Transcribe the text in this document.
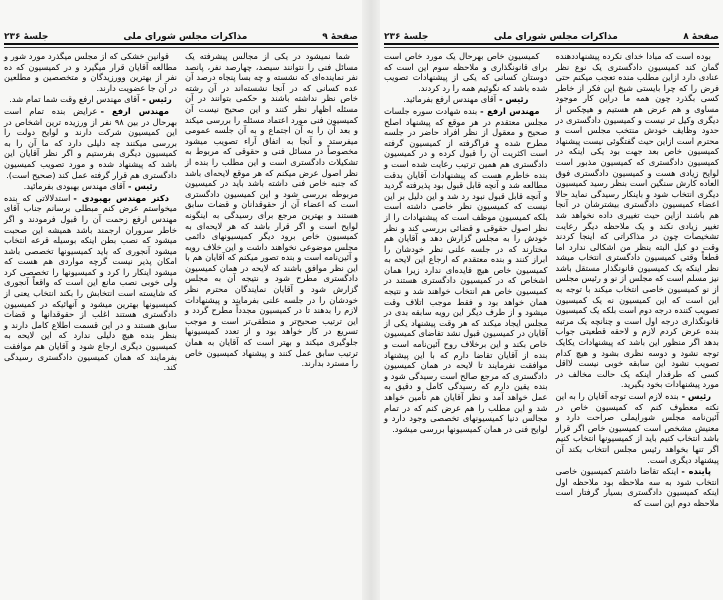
صفحهٔ ۹
مذاکرات مجلس شورای ملی
جلسهٔ ۲۳۶

شما نمیشود در یکی از مجالس پیشرفته یک مسائل فنی را نتوانند سیصد، چهارصد نفر، پانصد نفر نماینده‌ای که نشسته و چه بسا پنجاه درصد آن عده کسانی که در آنجا نشسته‌اند در آن رشته خاص نظر نداشته باشند و حکمی بتوانند در آن مسئله اظهار نظر کنند و این صحیح نیست آن کمیسیون فنی مورد اعتماد مسئله را بررسی میکند و بعد آن را به آن اجتماع و به آن جلسه عمومی میفرستد و آنجا به اتفاق آراء تصویب میشود مخصوصاً در مسائل فنی و حقوقی که مربوط به تشکیلات دادگستری است و این مطلب را بنده از نظر اصول عرض میکنم که هر موقع لایحه‌ای باشد که جنبه خاص فنی داشته باشد باید در کمیسیون مربوطه بررسی شود و این کمیسیون دادگستری است که اعضاء آن از حقوقدانان و قضات سابق هستند و بهترین مرجع برای رسیدگی به اینگونه لوایح است و اگر قرار باشد که هر لایحه‌ای به کمیسیون خاص برود دیگر کمیسیونهای دائمی مجلس موضوعی نخواهند داشت و این خلاف رویه و آئین‌نامه است و بنده تصور میکنم که آقایان هم با این نظر موافق باشند که لایحه در همان کمیسیون دادگستری مطرح شود و نتیجه آن به مجلس گزارش شود و آقایان نمایندگان محترم نظر خودشان را در جلسه علنی بفرمایند و پیشنهادات لازم را بدهند تا در کمیسیون مجدداً مطرح گردد و این ترتیب صحیح‌تر و منطقی‌تر است و موجب تسریع در کار خواهد بود و از تعدد کمیسیونها جلوگیری میکند و بهتر است که آقایان به همان ترتیب سابق عمل کنند و پیشنهاد کمیسیون خاص را مسترد بدارند.

قوانین خشکی که از مجلس میگذرد مورد شور و مطالعه آقایان قرار میگیرد و در کمیسیون که ده نفر از بهترین وورزیدگان و متخصصین و مطلعین در آن جا عضویت دارند.

رئیس -آقای مهندس ارفع وقت شما تمام شد.

مهندس ارفع -عرایض بنده تمام است بهرحال در بین ۹۸ نفر از ورزیده ترین اشخاص در این کمیسیون شرکت دارند و لوایح دولت را بررسی میکنند چه دلیلی دارد که ما آن را به کمیسیون دیگری بفرستیم و اگر نظر آقایان این باشد که پیشنهاد شده و مورد تصویب کمیسیون دادگستری هم قرار گرفته عمل کند (صحیح است).

رئیس -آقای مهندس بهبودی بفرمائید.

دکتر مهندس بهبودی -استدلالاتی که بنده میخواستم عرض کنم مبطلی برسانم جناب آقای مهندس ارفع زحمت آن را قبول فرمودند و اگر خاطر سروران ارجمند باشد همیشه این صحبت میشود که نصب بطن اینکه بوسیله قرعه انتخاب میشود آنجوری که باید کمیسیونها تخصصی باشد امکان پذیر نیست گرچه مواردی هم هست که میشود اینکار را کرد و کمیسیونها را تخصصی کرد ولی خوبی نصب مانع این است که واقعاً آنجوری که شایسته است انتخابش را بکند انتخاب یعنی از کمیسیونها بهترین میشود و آنهائیکه در کمیسیون دادگستری هستند اغلب از حقوقدانها و قضات سابق هستند و در این قسمت اطلاع کامل دارند و بنظر بنده هیچ دلیلی ندارد که این لایحه به کمیسیون دیگری ارجاع شود و آقایان هم موافقت بفرمایند که همان کمیسیون دادگستری رسیدگی کند.

صفحهٔ ۸
مذاکرات مجلس شورای ملی
جلسهٔ ۲۳۶

بوده است که مبادا خدای نکرده پیشنهاددهنده گمان کند کمیسیون دادگستری یک نوع نظر عنادی دارد ازاین مطلب منده تعجب میکنم حتی فرض را که چرا بایستی شیخ این فکر از خاطر کسی بگذرد چون همه ما دراین کار موجود مساوی و هم عرض هم هستیم و هیچکس از دیگری وکیل تر نیست و کمیسیون دادگستری در حدود وظایف خودش منتخب مجلس است و محترم است ازاین حیث گفتگوئی نیست پیشنهاد کمیسیون خاص بعد جهت بود یکی اینکه در کمیسیون دادگستری که کمیسیون مذبور است لوایح زیادی هست و کمیسیون دادگستری فوق العاده کارش سنگین است بنظر رسید کمیسیون دیگری انتخاب شود و باینکار رسیدگی نماید حالا اعضاء کمیسیون دادگستری بیشترشان در آنجا هم باشند ازاین حیث تغییری داده نخواهد شد تغییر زیادی نکند و یک ملاحظه دیگر رعایت تشخیصات چون در مذاکراتی که اینجا کردند وقت دو کیل البته بنظر من اشکالی ندارد اما قطعاً وقتی کمیسیون دادگستری انتخاب میشد نظر اینکه یک کمیسیون قانونگذار مستقل باشد نیز مسلم است که مجلس از نو و رئیس مجلس از نو کمیسیون خاصی انتخاب میکند با توجه به این است که این کمیسیون نه یک کمیسیون تصویب کننده درجه دوم است بلکه یک کمیسیون قانونگذاری درجه اول است و چنانچه یک مرتبه بنده عرض کردم لازم و لاحقه قطعیتی جواب بدهد اگر منظور این باشد که پیشنهادات یکایک توجه نشود و دوسه نظری بشود و هیچ کدام تصویب نشود این سابقه خوبی نیست لااقل کسی که طرفدار اینکه یک حالت مخالف در مورد پیشنهادات بخود بگیرید.

رئیس -بنده لازم است توجه آقایان را به این نکته معطوف کنم که کمیسیون خاص در آئین‌نامه مجلس شورایملی صراحت دارد و معنیش مشخص است کمیسیون خاص اگر قرار باشد انتخاب کنیم باید از کمیسیونها انتخاب کنیم اگر تنها بخواهد رئیس مجلس انتخاب بکند آن پیشنهاد دیگری است.

پاینده -اینکه تقاضا داشتم کمیسیون خاصی انتخاب شود به سه ملاحظه بود ملاحظه اول اینکه کمیسیون دادگستری بسیار گرفتار است ملاحظه دوم این است که

کمیسیون خاص بهرحال یک مورد خاص است برای قانونگذاری و ملاحظه سوم این است که دوستان کسانی که یکی از پیشنهادات تصویب شده باشد که نگوئیم همه را رد کردند.

رئیس -آقای مهندس ارفع بفرمائید.

مهندس ارفع -بنده شهادت سوره جلسات مجلس معتقدم در هر موقع که پیشنهاد اصلح صحیح و معقول از نظر افراد حاضر در جلسه مطرح شده و فراگرفته از کمیسیون گرفته است اکثریت آن را قبول کرده و در کمیسیون دادگستری هم همین ترتیب رعایت شده است و بنده خاطرم هست که پیشنهادات آقایان بدقت مطالعه شد و آنچه قابل قبول بود پذیرفته گردید و آنچه قابل قبول نبود رد شد و این دلیل بر این نیست که کمیسیون نظر خاصی داشته است بلکه کمیسیون موظف است که پیشنهادات را از نظر اصول حقوقی و قضائی بررسی کند و نظر خودش را به مجلس گزارش دهد و آقایان هم مختارند که در جلسه علنی نظر خودشان را ابراز کنند و بنده معتقدم که ارجاع این لایحه به کمیسیون خاص هیچ فایده‌ای ندارد زیرا همان اشخاص که در کمیسیون دادگستری هستند در کمیسیون خاص هم انتخاب خواهند شد و نتیجه همان خواهد بود و فقط موجب اتلاف وقت میشود و از طرف دیگر این رویه سابقه بدی در مجلس ایجاد میکند که هر وقت پیشنهاد یکی از آقایان در کمیسیون قبول نشد تقاضای کمیسیون خاص بکند و این برخلاف روح آئین‌نامه است و بنده از آقایان تقاضا دارم که با این پیشنهاد موافقت نفرمایند تا لایحه در همان کمیسیون دادگستری که مرجع صالح است رسیدگی شود و بنده یقین دارم که رسیدگی کامل و دقیق به عمل خواهد آمد و نظر آقایان هم تأمین خواهد شد و این مطلب را هم عرض کنم که در تمام مجالس دنیا کمیسیونهای تخصصی وجود دارد و لوایح فنی در همان کمیسیونها بررسی میشود.
